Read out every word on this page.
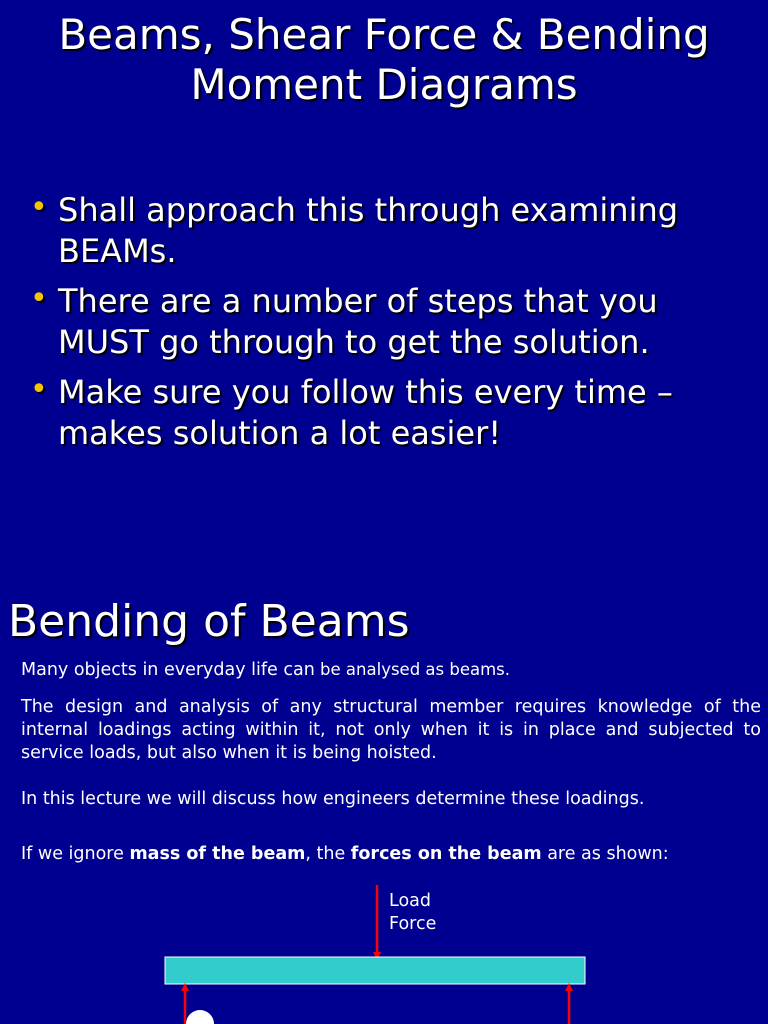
Beams, Shear Force & Bending
Moment Diagrams
• Shall approach this through examining BEAMs.
• There are a number of steps that you MUST go through to get the solution.
• Make sure you follow this every time – makes solution a lot easier!
Bending of Beams

Many objects in everyday life can be analysed as beams.

The design and analysis of any structural member requires knowledge of the internal loadings acting within it, not only when it is in place and subjected to service loads, but also when it is being hoisted.

In this lecture we will discuss how engineers determine these loadings.

If we ignore mass of the beam, the forces on the beam are as shown:

Load
Force
